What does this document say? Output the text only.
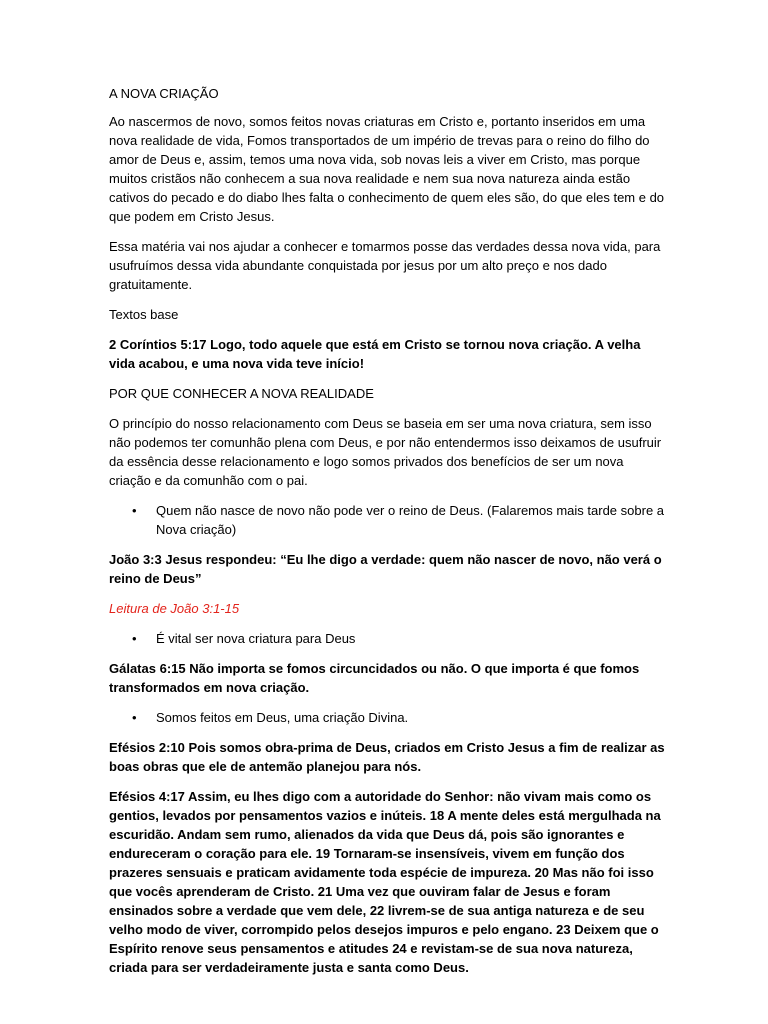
A NOVA CRIAÇÃO

Ao nascermos de novo, somos feitos novas criaturas em Cristo e, portanto inseridos em uma nova realidade de vida, Fomos transportados de um império de trevas para o reino do filho do amor de Deus e, assim, temos uma nova vida, sob novas leis a viver em Cristo, mas porque muitos cristãos não conhecem a sua nova realidade e nem sua nova natureza ainda estão cativos do pecado e do diabo lhes falta o conhecimento de quem eles são, do que eles tem e do que podem em Cristo Jesus.

Essa matéria vai nos ajudar a conhecer e tomarmos posse das verdades dessa nova vida, para usufruímos dessa vida abundante conquistada por jesus por um alto preço e nos dado gratuitamente.

Textos base

2 Coríntios 5:17 Logo, todo aquele que está em Cristo se tornou nova criação. A velha vida acabou, e uma nova vida teve início!

POR QUE CONHECER A NOVA REALIDADE

O princípio do nosso relacionamento com Deus se baseia em ser uma nova criatura, sem isso não podemos ter comunhão plena com Deus, e por não entendermos isso deixamos de usufruir da essência desse relacionamento e logo somos privados dos benefícios de ser um nova criação e da comunhão com o pai.

• Quem não nasce de novo não pode ver o reino de Deus. (Falaremos mais tarde sobre a Nova criação)

João 3:3 Jesus respondeu: “Eu lhe digo a verdade: quem não nascer de novo, não verá o reino de Deus”

Leitura de João 3:1-15

• É vital ser nova criatura para Deus

Gálatas 6:15 Não importa se fomos circuncidados ou não. O que importa é que fomos transformados em nova criação.

• Somos feitos em Deus, uma criação Divina.

Efésios 2:10 Pois somos obra-prima de Deus, criados em Cristo Jesus a fim de realizar as boas obras que ele de antemão planejou para nós.

Efésios 4:17 Assim, eu lhes digo com a autoridade do Senhor: não vivam mais como os gentios, levados por pensamentos vazios e inúteis. 18 A mente deles está mergulhada na escuridão. Andam sem rumo, alienados da vida que Deus dá, pois são ignorantes e endureceram o coração para ele. 19 Tornaram-se insensíveis, vivem em função dos prazeres sensuais e praticam avidamente toda espécie de impureza. 20 Mas não foi isso que vocês aprenderam de Cristo. 21 Uma vez que ouviram falar de Jesus e foram ensinados sobre a verdade que vem dele, 22 livrem-se de sua antiga natureza e de seu velho modo de viver, corrompido pelos desejos impuros e pelo engano. 23 Deixem que o Espírito renove seus pensamentos e atitudes 24 e revistam-se de sua nova natureza, criada para ser verdadeiramente justa e santa como Deus.
